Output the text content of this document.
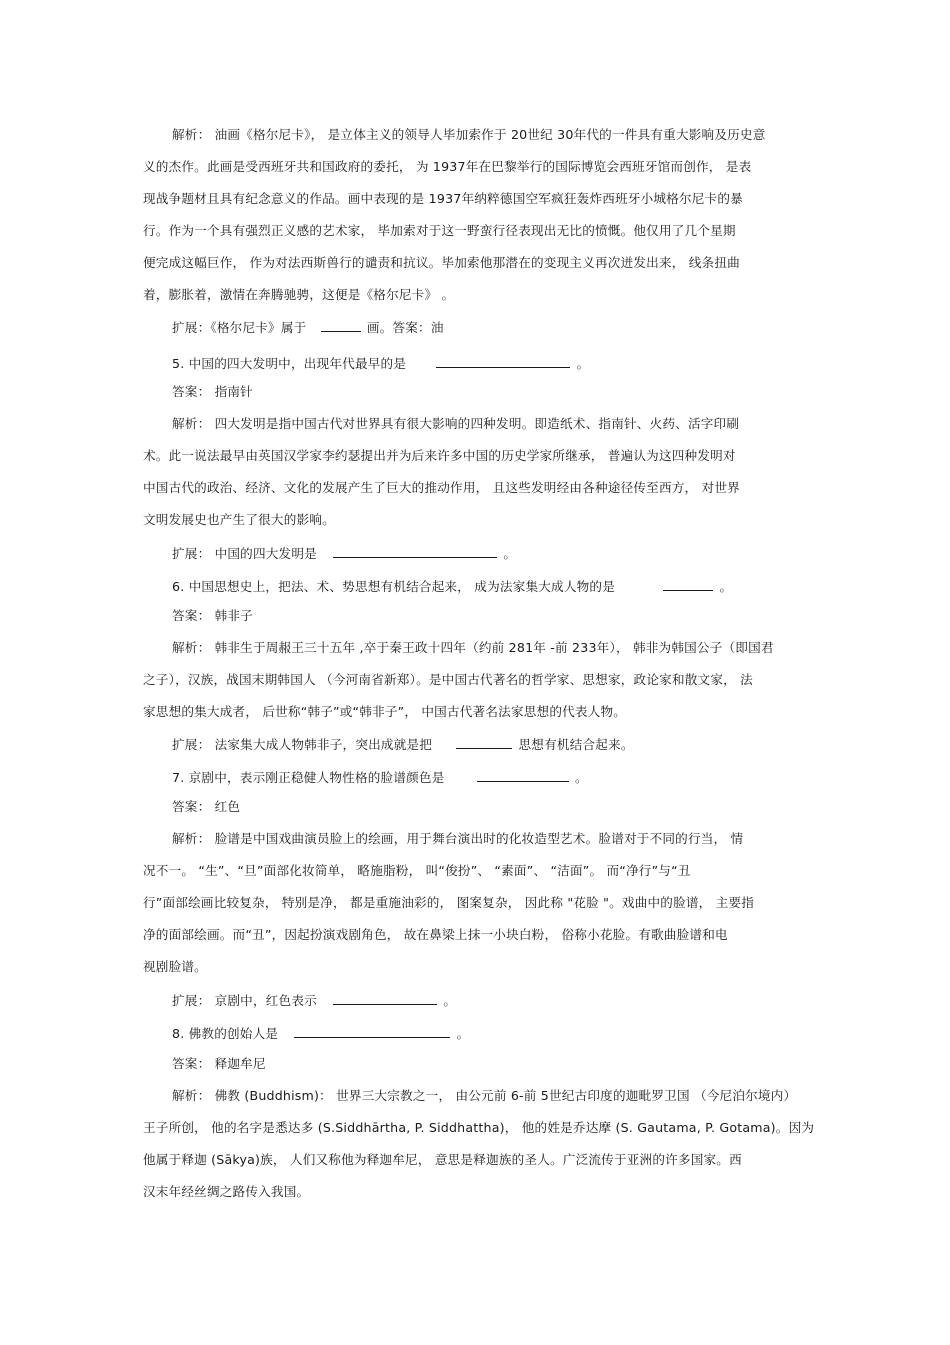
解析： 油画《格尔尼卡》， 是立体主义的领导人毕加索作于 20世纪 30年代的一件具有重大影响及历史意
义的杰作。此画是受西班牙共和国政府的委托， 为 1937年在巴黎举行的国际博览会西班牙馆而创作， 是表
现战争题材且具有纪念意义的作品。画中表现的是 1937年纳粹德国空军疯狂轰炸西班牙小城格尔尼卡的暴
行。作为一个具有强烈正义感的艺术家， 毕加索对于这一野蛮行径表现出无比的愤慨。他仅用了几个星期
便完成这幅巨作， 作为对法西斯兽行的谴责和抗议。毕加索他那潜在的变现主义再次迸发出来， 线条扭曲
着，膨胀着，激情在奔腾驰骋，这便是《格尔尼卡》 。
扩展：《格尔尼卡》属于	画。答案：油
5. 中国的四大发明中，出现年代最早的是	。
答案： 指南针
解析： 四大发明是指中国古代对世界具有很大影响的四种发明。即造纸术、指南针、火药、活字印刷
术。此一说法最早由英国汉学家李约瑟提出并为后来许多中国的历史学家所继承， 普遍认为这四种发明对
中国古代的政治、经济、文化的发展产生了巨大的推动作用， 且这些发明经由各种途径传至西方， 对世界
文明发展史也产生了很大的影响。
扩展： 中国的四大发明是	。
6. 中国思想史上，把法、术、势思想有机结合起来， 成为法家集大成人物的是	。
答案： 韩非子
解析： 韩非生于周赧王三十五年 ,卒于秦王政十四年（约前 281年 -前 233年）， 韩非为韩国公子（即国君
之子），汉族，战国末期韩国人 （今河南省新郑）。是中国古代著名的哲学家、思想家，政论家和散文家， 法
家思想的集大成者， 后世称“韩子”或“韩非子”， 中国古代著名法家思想的代表人物。
扩展： 法家集大成人物韩非子，突出成就是把	思想有机结合起来。
7. 京剧中，表示刚正稳健人物性格的脸谱颜色是	。
答案： 红色
解析： 脸谱是中国戏曲演员脸上的绘画，用于舞台演出时的化妆造型艺术。脸谱对于不同的行当， 情
况不一。 “生”、“旦”面部化妆简单， 略施脂粉， 叫“俊扮”、 “素面”、 “洁面”。 而“净行”与“丑
行”面部绘画比较复杂， 特别是净， 都是重施油彩的， 图案复杂， 因此称 "花脸 "。戏曲中的脸谱， 主要指
净的面部绘画。而“丑”，因起扮演戏剧角色， 故在鼻梁上抹一小块白粉， 俗称小花脸。有歌曲脸谱和电
视剧脸谱。
扩展： 京剧中，红色表示	。
8. 佛教的创始人是	。
答案： 释迦牟尼
解析： 佛教 (Buddhism)： 世界三大宗教之一， 由公元前 6-前 5世纪古印度的迦毗罗卫国 （今尼泊尔境内）
王子所创， 他的名字是悉达多 (S.Siddhārtha, P. Siddhattha)， 他的姓是乔达摩 (S. Gautama, P. Gotama)。因为
他属于释迦 (Sākya)族， 人们又称他为释迦牟尼， 意思是释迦族的圣人。广泛流传于亚洲的许多国家。西
汉末年经丝绸之路传入我国。
